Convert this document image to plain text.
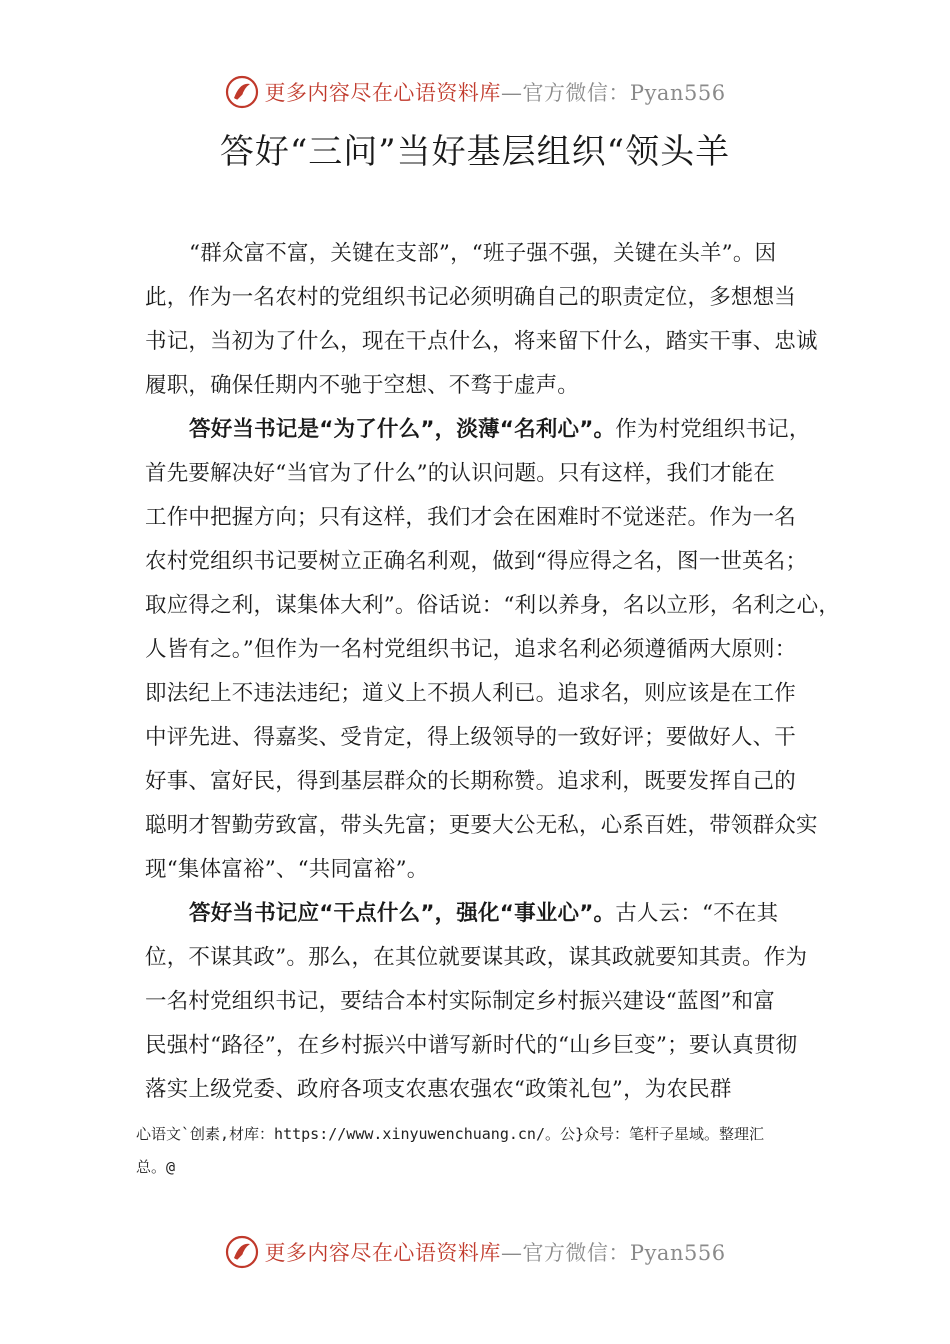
更多内容尽在心语资料库—官方微信：Pyan556
答好“三问”当好基层组织“领头羊
“群众富不富，关键在支部”，“班子强不强，关键在头羊”。因
此，作为一名农村的党组织书记必须明确自己的职责定位，多想想当
书记，当初为了什么，现在干点什么，将来留下什么，踏实干事、忠诚
履职，确保任期内不驰于空想、不骛于虚声。
答好当书记是“为了什么”，淡薄“名利心”。作为村党组织书记，
首先要解决好“当官为了什么”的认识问题。只有这样，我们才能在
工作中把握方向；只有这样，我们才会在困难时不觉迷茫。作为一名
农村党组织书记要树立正确名利观，做到“得应得之名，图一世英名；
取应得之利，谋集体大利”。俗话说：“利以养身，名以立形，名利之心，
人皆有之。”但作为一名村党组织书记，追求名利必须遵循两大原则：
即法纪上不违法违纪；道义上不损人利已。追求名，则应该是在工作
中评先进、得嘉奖、受肯定，得上级领导的一致好评；要做好人、干
好事、富好民，得到基层群众的长期称赞。追求利，既要发挥自己的
聪明才智勤劳致富，带头先富；更要大公无私，心系百姓，带领群众实
现“集体富裕”、“共同富裕”。
答好当书记应“干点什么”，强化“事业心”。古人云：“不在其
位，不谋其政”。那么，在其位就要谋其政，谋其政就要知其责。作为
一名村党组织书记，要结合本村实际制定乡村振兴建设“蓝图”和富
民强村“路径”，在乡村振兴中谱写新时代的“山乡巨变”；要认真贯彻
落实上级党委、政府各项支农惠农强农“政策礼包”，为农民群
心语文`创素,材库：https://www.xinyuwenchuang.cn/。公}众号：笔杆子星域。整理汇
总。@
更多内容尽在心语资料库—官方微信：Pyan556
